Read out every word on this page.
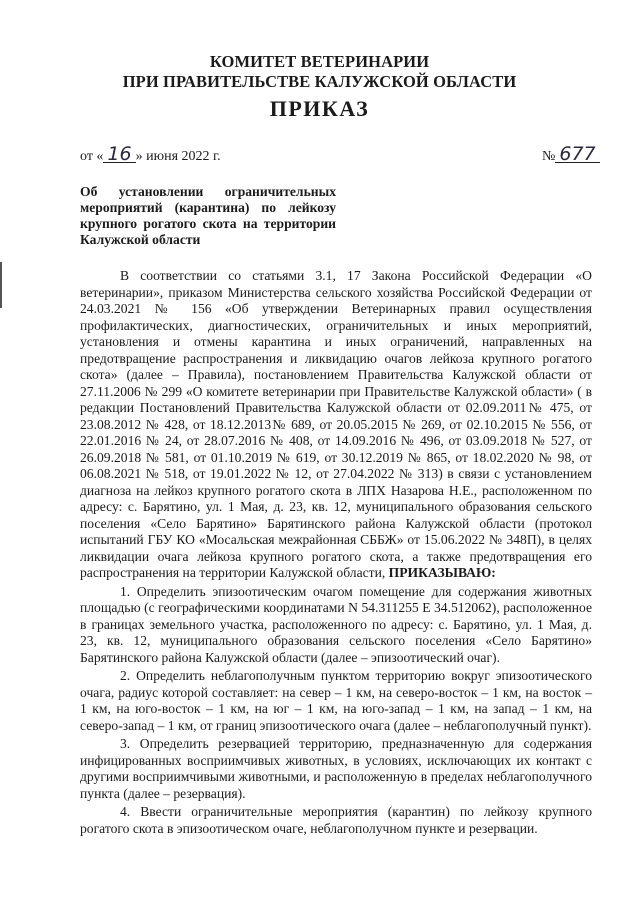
КОМИТЕТ ВЕТЕРИНАРИИ
ПРИ ПРАВИТЕЛЬСТВЕ КАЛУЖСКОЙ ОБЛАСТИ
ПРИКАЗ
от « 16 » июня 2022 г.	№ 677
Об установлении ограничительных мероприятий (карантина) по лейкозу крупного рогатого скота на территории Калужской области

В соответствии со статьями 3.1, 17 Закона Российской Федерации «О ветеринарии», приказом Министерства сельского хозяйства Российской Федерации от 24.03.2021 № 156 «Об утверждении Ветеринарных правил осуществления профилактических, диагностических, ограничительных и иных мероприятий, установления и отмены карантина и иных ограничений, направленных на предотвращение распространения и ликвидацию очагов лейкоза крупного рогатого скота» (далее – Правила), постановлением Правительства Калужской области от 27.11.2006 № 299 «О комитете ветеринарии при Правительстве Калужской области» ( в редакции Постановлений Правительства Калужской области от 02.09.2011№ 475, от 23.08.2012 № 428, от 18.12.2013№ 689, от 20.05.2015 № 269, от 02.10.2015 № 556, от 22.01.2016 № 24, от 28.07.2016 № 408, от 14.09.2016 № 496, от 03.09.2018 № 527, от 26.09.2018 № 581, от 01.10.2019 № 619, от 30.12.2019 № 865, от 18.02.2020 № 98, от 06.08.2021 № 518, от 19.01.2022 № 12, от 27.04.2022 № 313) в связи с установлением диагноза на лейкоз крупного рогатого скота в ЛПХ Назарова Н.Е., расположенном по адресу: с. Барятино, ул. 1 Мая, д. 23, кв. 12, муниципального образования сельского поселения «Село Барятино» Барятинского района Калужской области (протокол испытаний ГБУ КО «Мосальская межрайонная СББЖ» от 15.06.2022 № 348П), в целях ликвидации очага лейкоза крупного рогатого скота, а также предотвращения его распространения на территории Калужской области, ПРИКАЗЫВАЮ:

1. Определить эпизоотическим очагом помещение для содержания животных площадью (с географическими координатами N 54.311255 E 34.512062), расположенное в границах земельного участка, расположенного по адресу: с. Барятино, ул. 1 Мая, д. 23, кв. 12, муниципального образования сельского поселения «Село Барятино» Барятинского района Калужской области (далее – эпизоотический очаг).

2. Определить неблагополучным пунктом территорию вокруг эпизоотического очага, радиус которой составляет: на север – 1 км, на северо-восток – 1 км, на восток – 1 км, на юго-восток – 1 км, на юг – 1 км, на юго-запад – 1 км, на запад – 1 км, на северо-запад – 1 км, от границ эпизоотического очага (далее – неблагополучный пункт).

3. Определить резервацией территорию, предназначенную для содержания инфицированных восприимчивых животных, в условиях, исключающих их контакт с другими восприимчивыми животными, и расположенную в пределах неблагополучного пункта (далее – резервация).

4. Ввести ограничительные мероприятия (карантин) по лейкозу крупного рогатого скота в эпизоотическом очаге, неблагополучном пункте и резервации.
